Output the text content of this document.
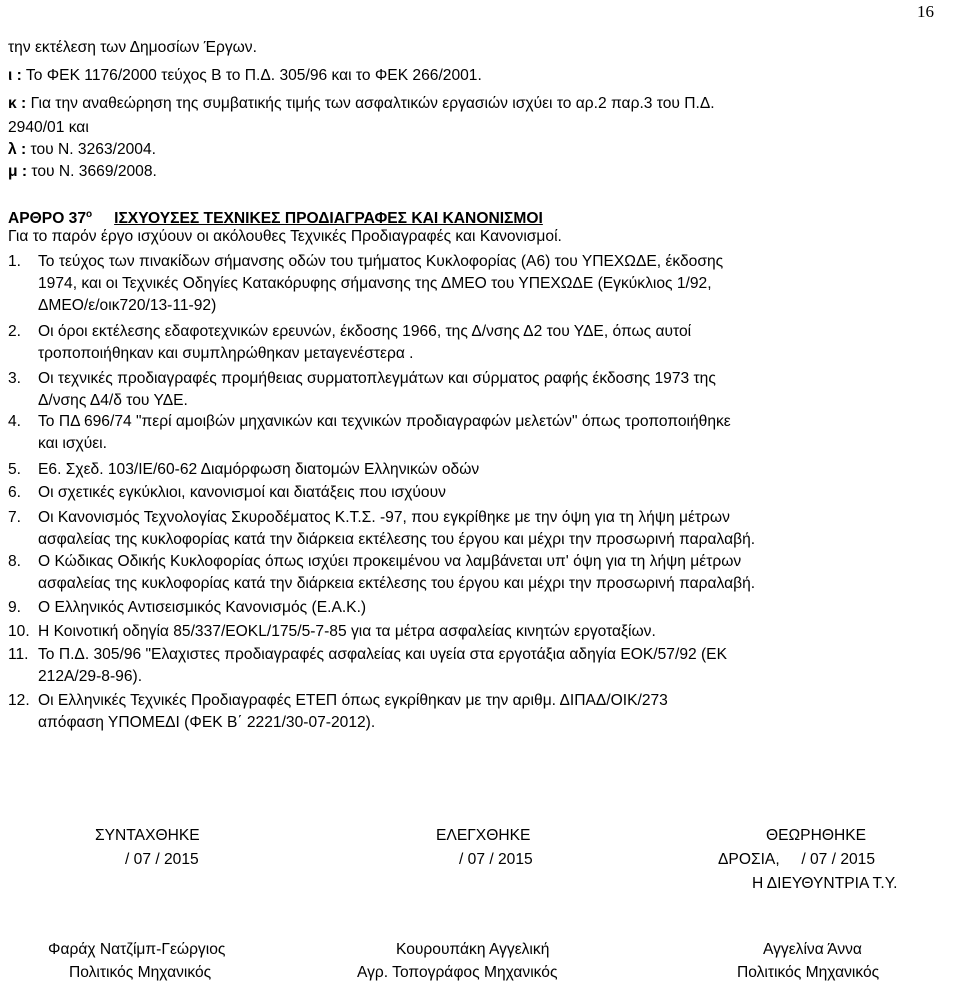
16
την εκτέλεση των Δημοσίων Έργων.
ι : Το ΦΕΚ 1176/2000 τεύχος Β το Π.Δ. 305/96 και το ΦΕΚ 266/2001.
κ : Για την αναθεώρηση της συμβατικής τιμής των ασφαλτικών εργασιών ισχύει το αρ.2 παρ.3 του Π.Δ.
2940/01 και
λ : του Ν. 3263/2004.
μ : του Ν. 3669/2008.
ΑΡΘΡΟ $37^o$ ΙΣΧΥΟΥΣΕΣ ΤΕΧΝΙΚΕΣ ΠΡΟΔΙΑΓΡΑΦΕΣ ΚΑΙ ΚΑΝΟΝΙΣΜΟΙ
Για το παρόν έργο ισχύουν οι ακόλουθες Τεχνικές Προδιαγραφές και Κανονισμοί.
1. Το τεύχος των πινακίδων σήμανσης οδών του τμήματος Κυκλοφορίας (Α6) του ΥΠΕΧΩΔΕ, έκδοσης
1974, και οι Τεχνικές Οδηγίες Κατακόρυφης σήμανσης της ΔΜΕΟ του ΥΠΕΧΩΔΕ (Εγκύκλιος 1/92,
ΔΜΕΟ/ε/οικ720/13-11-92)
2. Οι όροι εκτέλεσης εδαφοτεχνικών ερευνών, έκδοσης 1966, της Δ/νσης Δ2 του ΥΔΕ, όπως αυτοί
τροποποιήθηκαν και συμπληρώθηκαν μεταγενέστερα .
3. Οι τεχνικές προδιαγραφές προμήθειας συρματοπλεγμάτων και σύρματος ραφής έκδοσης 1973 της
Δ/νσης Δ4/δ του ΥΔΕ.
4. Το ΠΔ 696/74 "περί αμοιβών μηχανικών και τεχνικών προδιαγραφών μελετών" όπως τροποποιήθηκε
και ισχύει.
5. Ε6. Σχεδ. 103/ΙΕ/60-62 Διαμόρφωση διατομών Ελληνικών οδών
6. Οι σχετικές εγκύκλιοι, κανονισμοί και διατάξεις που ισχύουν
7. Οι Κανονισμός Τεχνολογίας Σκυροδέματος Κ.Τ.Σ. -97, που εγκρίθηκε με την όψη για τη λήψη μέτρων
ασφαλείας της κυκλοφορίας κατά την διάρκεια εκτέλεσης του έργου και μέχρι την προσωρινή παραλαβή.
8. Ο Κώδικας Οδικής Κυκλοφορίας όπως ισχύει προκειμένου να λαμβάνεται υπ' όψη για τη λήψη μέτρων
ασφαλείας της κυκλοφορίας κατά την διάρκεια εκτέλεσης του έργου και μέχρι την προσωρινή παραλαβή.
9. Ο Ελληνικός Αντισεισμικός Κανονισμός (Ε.Α.Κ.)
10. Η Κοινοτική οδηγία 85/337/ΕΟΚL/175/5-7-85 για τα μέτρα ασφαλείας κινητών εργοταξίων.
11. Το Π.Δ. 305/96 "Ελαχιστες προδιαγραφές ασφαλείας και υγεία στα εργοτάξια αδηγία ΕΟΚ/57/92 (ΕΚ
212Α/29-8-96).
12. Οι Ελληνικές Τεχνικές Προδιαγραφές ΕΤΕΠ όπως εγκρίθηκαν με την αριθμ. ΔΙΠΑΔ/ΟΙΚ/273
απόφαση ΥΠΟΜΕΔΙ (ΦΕΚ Β΄ 2221/30-07-2012).
ΣΥΝΤΑΧΘΗΚΕ
/ 07 / 2015
Φαράχ Νατζίμπ-Γεώργιος
Πολιτικός Μηχανικός
ΕΛΕΓΧΘΗΚΕ
/ 07 / 2015
Κουρουπάκη Αγγελική
Αγρ. Τοπογράφος Μηχανικός
ΘΕΩΡΗΘΗΚΕ
ΔΡΟΣΙΑ,     / 07 / 2015
Η ΔΙΕΥΘΥΝΤΡΙΑ Τ.Υ.
Αγγελίνα Άννα
Πολιτικός Μηχανικός
